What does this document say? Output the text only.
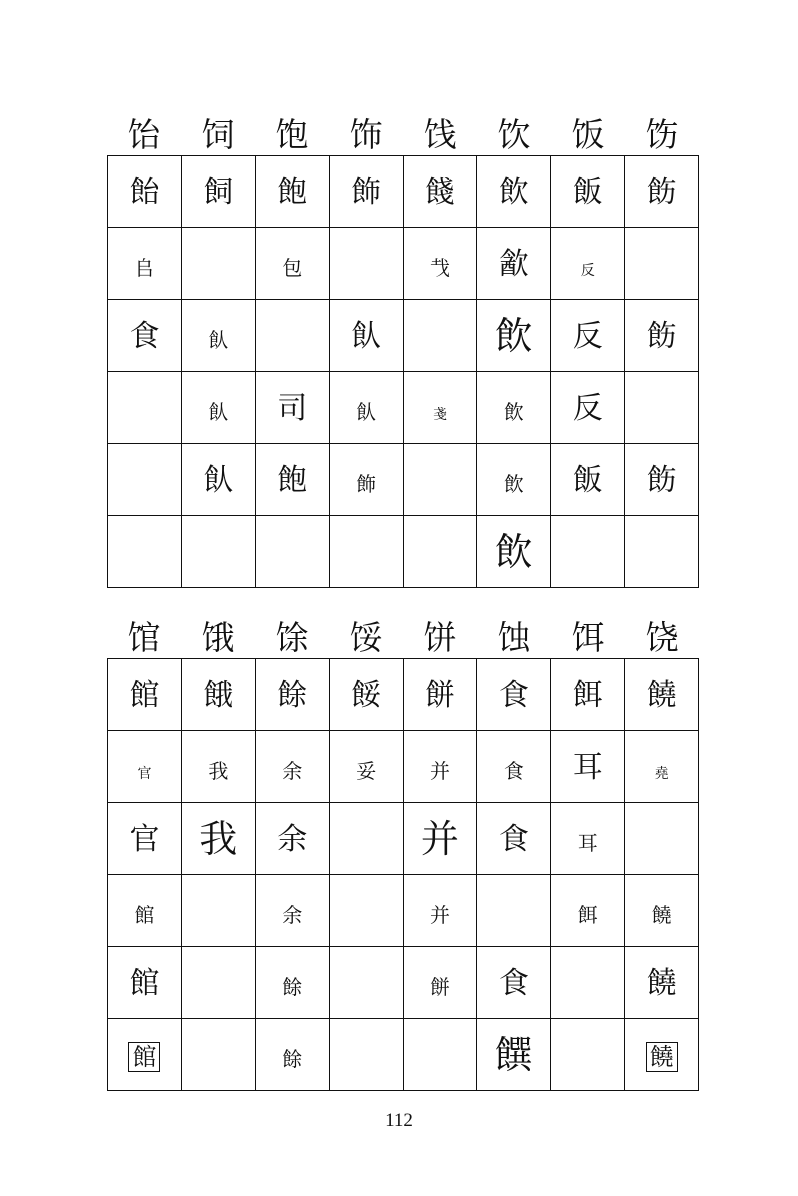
饴	饲	饱	饰	饯	饮	饭	饬
飴	飼	飽	飾	餞	飲	飯	飭
𠂤		包		𢦏	㱃	反	
食	飤		飤		飲	反	飭
	飤	司	飤	戔	飲	反	
	飤	飽	飾		飲	飯	飭
					飲		
馆	饿	馀	馁	饼	蚀	饵	饶
館	餓	餘	餒	餅	食	餌	饒
官	我	余	妥	并	食	耳	堯
官	我	余		并	食	耳	
館		余		并		餌	饒
館		餘		餅	食		饒
館		餘			饌		饒
112
